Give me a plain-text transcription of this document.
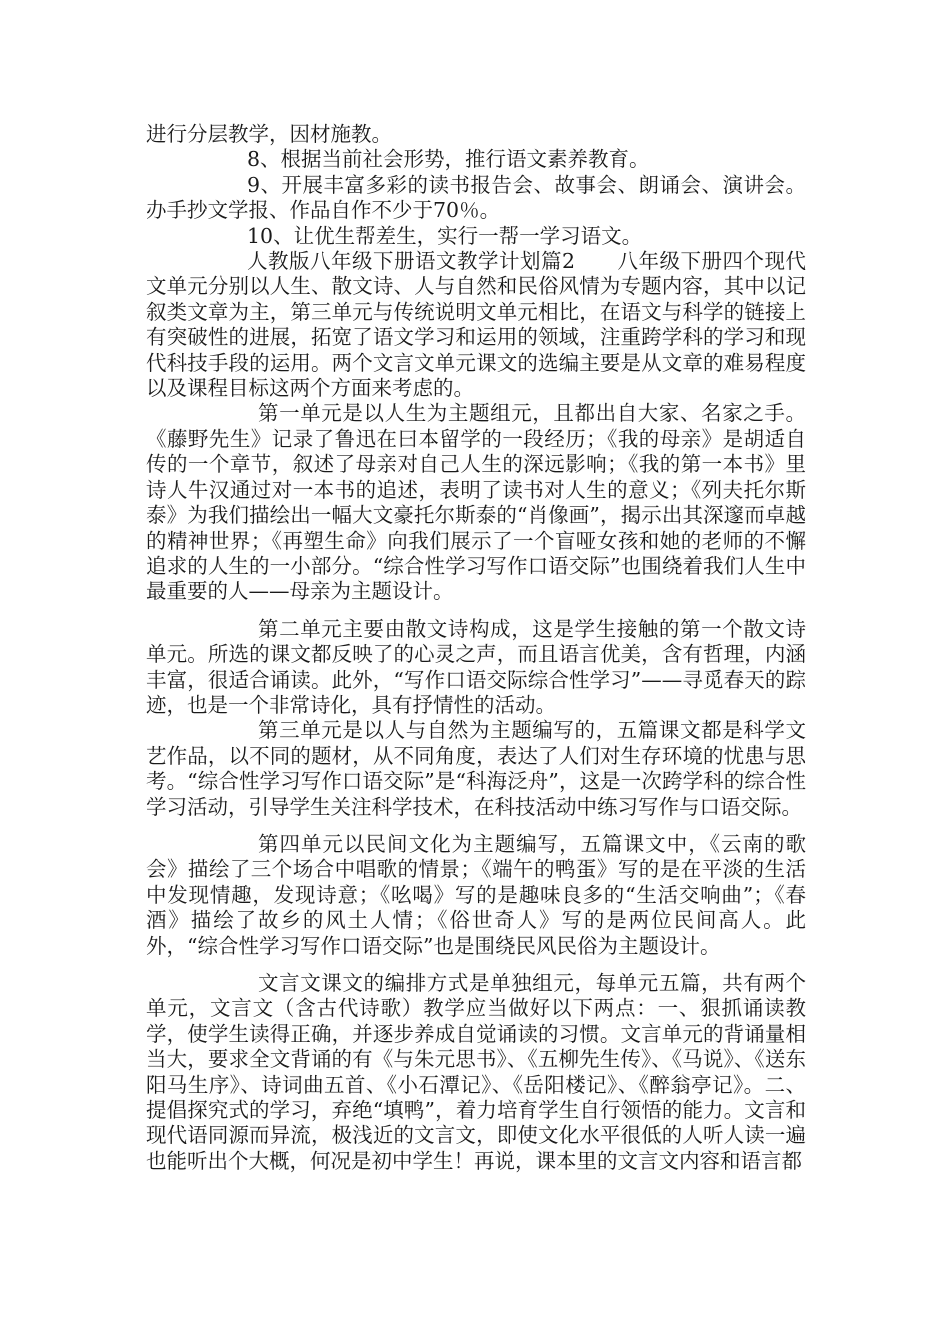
进行分层教学，因材施教。

8、根据当前社会形势，推行语文素养教育。

9、开展丰富多彩的读书报告会、故事会、朗诵会、演讲会。办手抄文学报、作品自作不少于70％。

10、让优生帮差生，实行一帮一学习语文。

人教版八年级下册语文教学计划篇2　　八年级下册四个现代文单元分别以人生、散文诗、人与自然和民俗风情为专题内容，其中以记叙类文章为主，第三单元与传统说明文单元相比，在语文与科学的链接上有突破性的进展，拓宽了语文学习和运用的领域，注重跨学科的学习和现代科技手段的运用。两个文言文单元课文的选编主要是从文章的难易程度以及课程目标这两个方面来考虑的。

第一单元是以人生为主题组元，且都出自大家、名家之手。《藤野先生》记录了鲁迅在曰本留学的一段经历；《我的母亲》是胡适自传的一个章节，叙述了母亲对自己人生的深远影响；《我的第一本书》里诗人牛汉通过对一本书的追述，表明了读书对人生的意义；《列夫托尔斯泰》为我们描绘出一幅大文豪托尔斯泰的“肖像画”，揭示出其深邃而卓越的精神世界；《再塑生命》向我们展示了一个盲哑女孩和她的老师的不懈追求的人生的一小部分。“综合性学习写作口语交际”也围绕着我们人生中最重要的人——母亲为主题设计。

第二单元主要由散文诗构成，这是学生接触的第一个散文诗单元。所选的课文都反映了的心灵之声，而且语言优美，含有哲理，内涵丰富，很适合诵读。此外，“写作口语交际综合性学习”——寻觅春天的踪迹，也是一个非常诗化，具有抒情性的活动。

第三单元是以人与自然为主题编写的，五篇课文都是科学文艺作品，以不同的题材，从不同角度，表达了人们对生存环境的忧患与思考。“综合性学习写作口语交际”是“科海泛舟”，这是一次跨学科的综合性学习活动，引导学生关注科学技术，在科技活动中练习写作与口语交际。

第四单元以民间文化为主题编写，五篇课文中，《云南的歌会》描绘了三个场合中唱歌的情景；《端午的鸭蛋》写的是在平淡的生活中发现情趣，发现诗意；《吆喝》写的是趣味良多的“生活交响曲”；《春酒》描绘了故乡的风土人情；《俗世奇人》写的是两位民间高人。此外，“综合性学习写作口语交际”也是围绕民风民俗为主题设计。

文言文课文的编排方式是单独组元，每单元五篇，共有两个单元，文言文（含古代诗歌）教学应当做好以下两点：一、狠抓诵读教学，使学生读得正确，并逐步养成自觉诵读的习惯。文言单元的背诵量相当大，要求全文背诵的有《与朱元思书》、《五柳先生传》、《马说》、《送东阳马生序》、诗词曲五首、《小石潭记》、《岳阳楼记》、《醉翁亭记》。二、提倡探究式的学习，弃绝“填鸭”，着力培育学生自行领悟的能力。文言和现代语同源而异流，极浅近的文言文，即使文化水平很低的人听人读一遍也能听出个大概，何况是初中学生！再说，课本里的文言文内容和语言都
